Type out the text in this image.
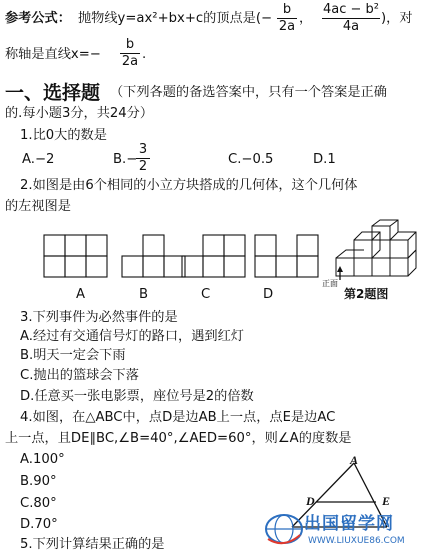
参考公式： 抛物线y=ax²+bx+c的顶点是(−
b
2a
，
4ac − b²
4a
)，对
称轴是直线x=−
b
2a .
一、选择题 （下列各题的备选答案中，只有一个答案是正确
的.每小题3分，共24分）
1.比0大的数是
A.−2	B.−
3
2	C.−0.5	D.1
2.如图是由6个相同的小立方块搭成的几何体，这个几何体
的左视图是
A	B	C	D
正面
第2题图
3.下列事件为必然事件的是
A.经过有交通信号灯的路口，遇到红灯
B.明天一定会下雨
C.抛出的篮球会下落
D.任意买一张电影票，座位号是2的倍数
4.如图，在△ABC中，点D是边AB上一点，点E是边AC
上一点，且DE∥BC,∠B=40°,∠AED=60°，则∠A的度数是
A.100°
B.90°
C.80°
D.70°
A
D	E
5.下列计算结果正确的是
出国留学网
WWW.LIUXUE86.COM
